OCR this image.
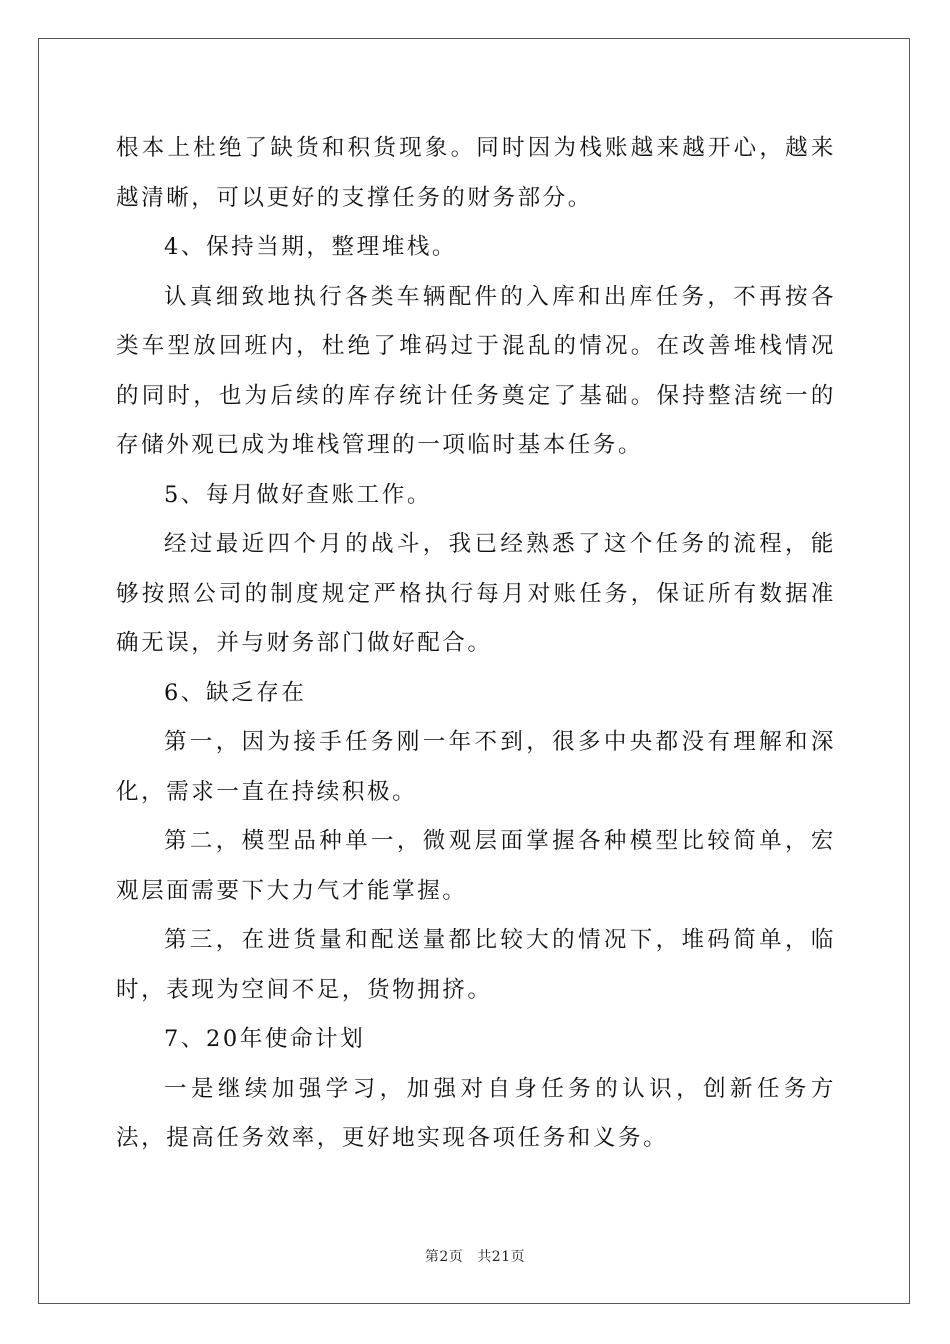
根本上杜绝了缺货和积货现象。同时因为栈账越来越开心，越来越清晰，可以更好的支撑任务的财务部分。

4、保持当期，整理堆栈。

认真细致地执行各类车辆配件的入库和出库任务，不再按各类车型放回班内，杜绝了堆码过于混乱的情况。在改善堆栈情况的同时，也为后续的库存统计任务奠定了基础。保持整洁统一的存储外观已成为堆栈管理的一项临时基本任务。

5、每月做好查账工作。

经过最近四个月的战斗，我已经熟悉了这个任务的流程，能够按照公司的制度规定严格执行每月对账任务，保证所有数据准确无误，并与财务部门做好配合。

6、缺乏存在

第一，因为接手任务刚一年不到，很多中央都没有理解和深化，需求一直在持续积极。

第二，模型品种单一，微观层面掌握各种模型比较简单，宏观层面需要下大力气才能掌握。

第三，在进货量和配送量都比较大的情况下，堆码简单，临时，表现为空间不足，货物拥挤。

7、20年使命计划

一是继续加强学习，加强对自身任务的认识，创新任务方法，提高任务效率，更好地实现各项任务和义务。

第2页 共21页
